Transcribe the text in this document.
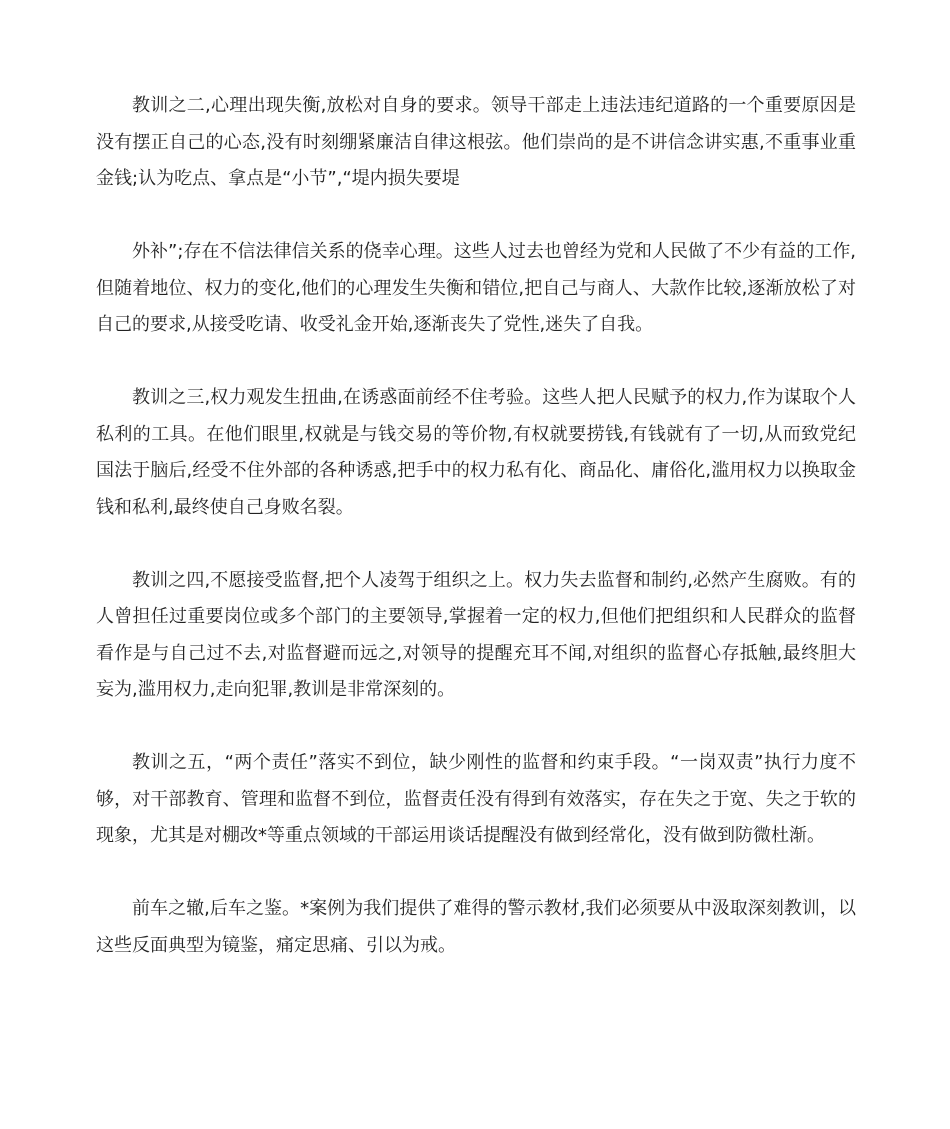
教训之二,心理出现失衡,放松对自身的要求。领导干部走上违法违纪道路的一个重要原因是没有摆正自己的心态,没有时刻绷紧廉洁自律这根弦。他们崇尚的是不讲信念讲实惠,不重事业重金钱;认为吃点、拿点是“小节”,“堤内损失要堤

外补”;存在不信法律信关系的侥幸心理。这些人过去也曾经为党和人民做了不少有益的工作,但随着地位、权力的变化,他们的心理发生失衡和错位,把自己与商人、大款作比较,逐渐放松了对自己的要求,从接受吃请、收受礼金开始,逐渐丧失了党性,迷失了自我。

教训之三,权力观发生扭曲,在诱惑面前经不住考验。这些人把人民赋予的权力,作为谋取个人私利的工具。在他们眼里,权就是与钱交易的等价物,有权就要捞钱,有钱就有了一切,从而致党纪国法于脑后,经受不住外部的各种诱惑,把手中的权力私有化、商品化、庸俗化,滥用权力以换取金钱和私利,最终使自己身败名裂。

教训之四,不愿接受监督,把个人凌驾于组织之上。权力失去监督和制约,必然产生腐败。有的人曾担任过重要岗位或多个部门的主要领导,掌握着一定的权力,但他们把组织和人民群众的监督看作是与自己过不去,对监督避而远之,对领导的提醒充耳不闻,对组织的监督心存抵触,最终胆大妄为,滥用权力,走向犯罪,教训是非常深刻的。

教训之五，“两个责任”落实不到位，缺少刚性的监督和约束手段。“一岗双责”执行力度不够，对干部教育、管理和监督不到位，监督责任没有得到有效落实，存在失之于宽、失之于软的现象，尤其是对棚改*等重点领域的干部运用谈话提醒没有做到经常化，没有做到防微杜渐。

前车之辙,后车之鉴。*案例为我们提供了难得的警示教材,我们必须要从中汲取深刻教训，以这些反面典型为镜鉴，痛定思痛、引以为戒。
